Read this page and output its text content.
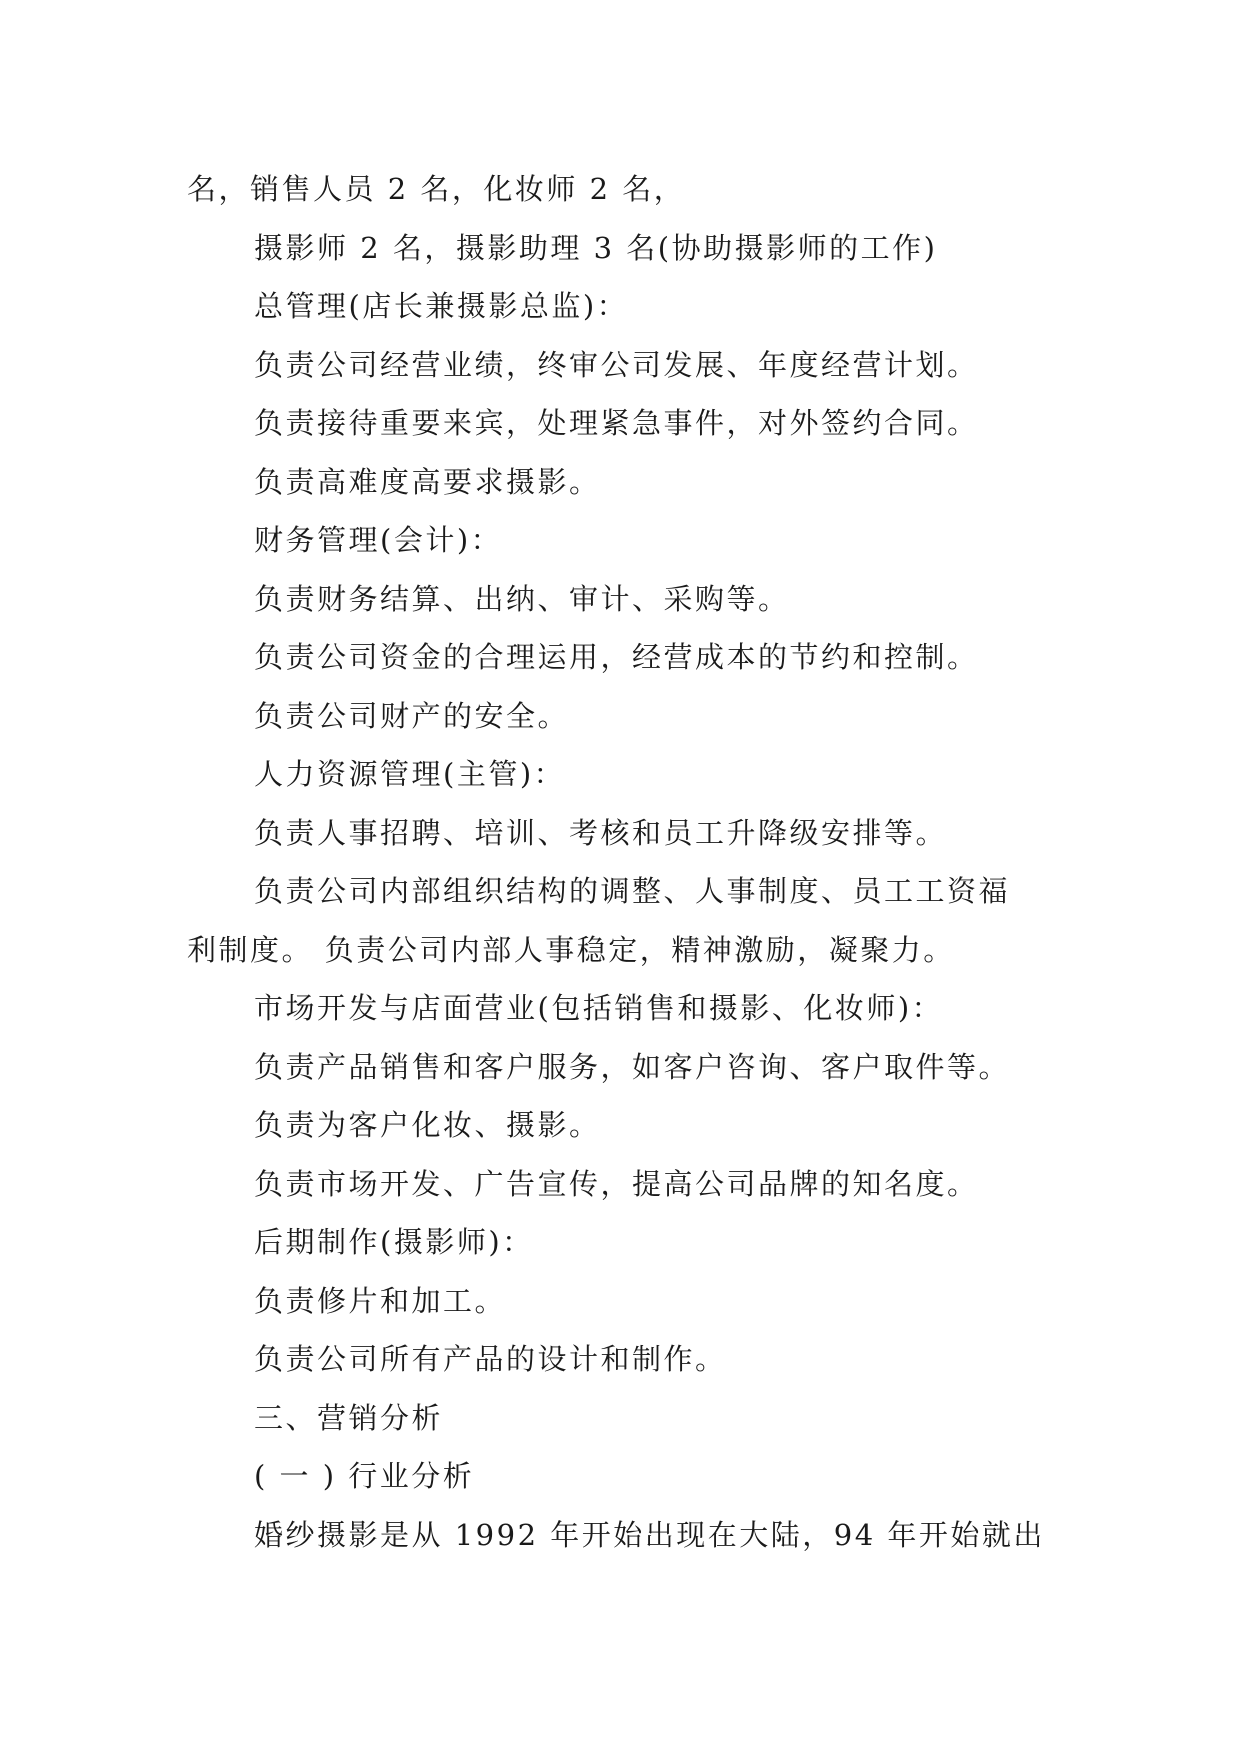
名，销售人员 2 名，化妆师 2 名，
摄影师 2 名，摄影助理 3 名(协助摄影师的工作)
总管理(店长兼摄影总监)：
负责公司经营业绩，终审公司发展、年度经营计划。
负责接待重要来宾，处理紧急事件，对外签约合同。
负责高难度高要求摄影。
财务管理(会计)：
负责财务结算、出纳、审计、采购等。
负责公司资金的合理运用，经营成本的节约和控制。
负责公司财产的安全。
人力资源管理(主管)：
负责人事招聘、培训、考核和员工升降级安排等。
负责公司内部组织结构的调整、人事制度、员工工资福
利制度。 负责公司内部人事稳定，精神激励，凝聚力。
市场开发与店面营业(包括销售和摄影、化妆师)：
负责产品销售和客户服务，如客户咨询、客户取件等。
负责为客户化妆、摄影。
负责市场开发、广告宣传，提高公司品牌的知名度。
后期制作(摄影师)：
负责修片和加工。
负责公司所有产品的设计和制作。
三、营销分析
( 一 ) 行业分析
婚纱摄影是从 1992 年开始出现在大陆，94 年开始就出
